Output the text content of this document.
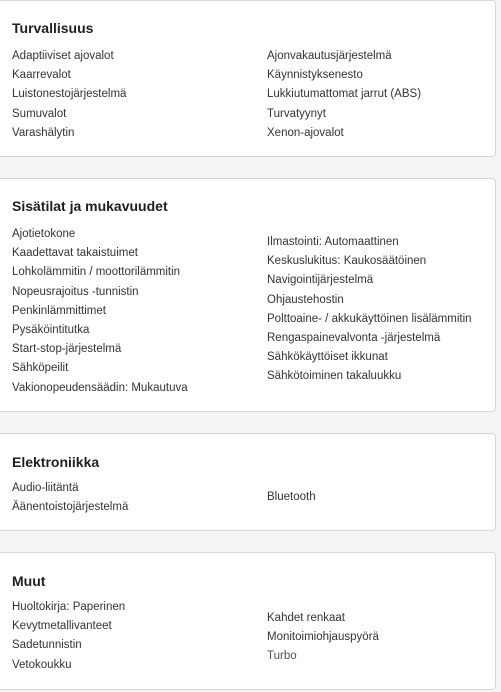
Turvallisuus
Adaptiiviset ajovalot
Kaarrevalot
Luistonestojärjestelmä
Sumuvalot
Varashälytin
Ajonvakautusjärjestelmä
Käynnistyksenesto
Lukkiutumattomat jarrut (ABS)
Turvatyynyt
Xenon-ajovalot
Sisätilat ja mukavuudet
Ajotietokone
Kaadettavat takaistuimet
Lohkolämmitin / moottorilämmitin
Nopeusrajoitus -tunnistin
Penkinlämmittimet
Pysäköintitutka
Start-stop-järjestelmä
Sähköpeilit
Vakionopeudensäädin: Mukautuva
Ilmastointi: Automaattinen
Keskuslukitus: Kaukosäätöinen
Navigointijärjestelmä
Ohjaustehostin
Polttoaine- / akkukäyttöinen lisälämmitin
Rengaspainevalvonta -järjestelmä
Sähkökäyttöiset ikkunat
Sähkötoiminen takaluukku
Elektroniikka
Audio-liitäntä
Äänentoistojärjestelmä
Bluetooth
Muut
Huoltokirja: Paperinen
Kevytmetallivanteet
Sadetunnistin
Vetokoukku
Kahdet renkaat
Monitoimiohjauspyörä
Turbo
